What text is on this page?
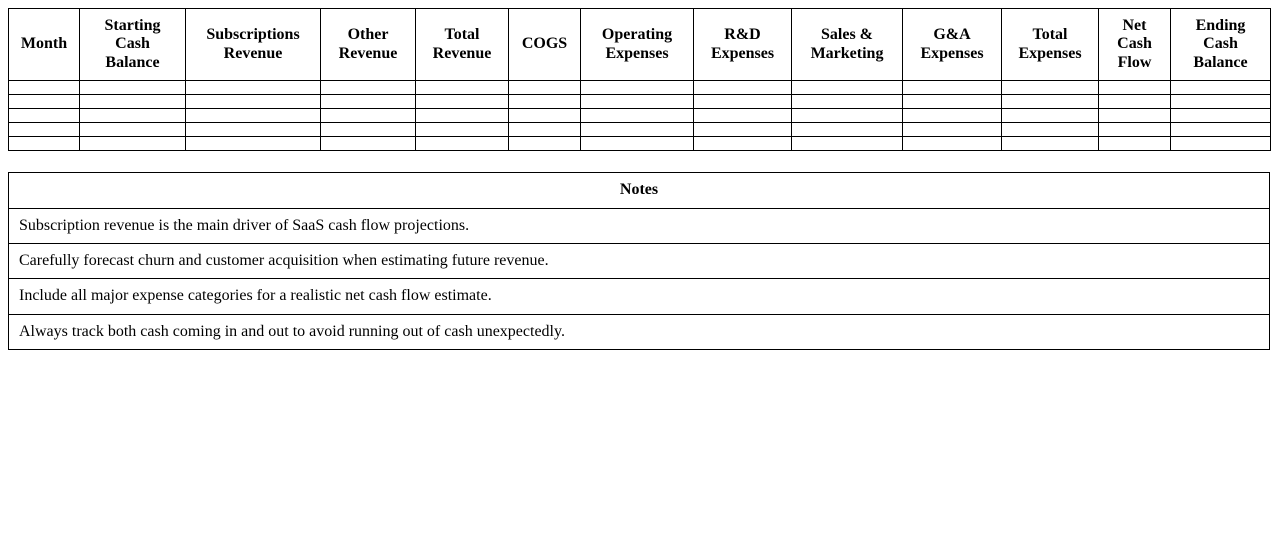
Month	Starting Cash Balance	Subscriptions Revenue	Other Revenue	Total Revenue	COGS	Operating Expenses	R&D Expenses	Sales & Marketing	G&A Expenses	Total Expenses	Net Cash Flow	Ending Cash Balance

Notes
Subscription revenue is the main driver of SaaS cash flow projections.
Carefully forecast churn and customer acquisition when estimating future revenue.
Include all major expense categories for a realistic net cash flow estimate.
Always track both cash coming in and out to avoid running out of cash unexpectedly.
